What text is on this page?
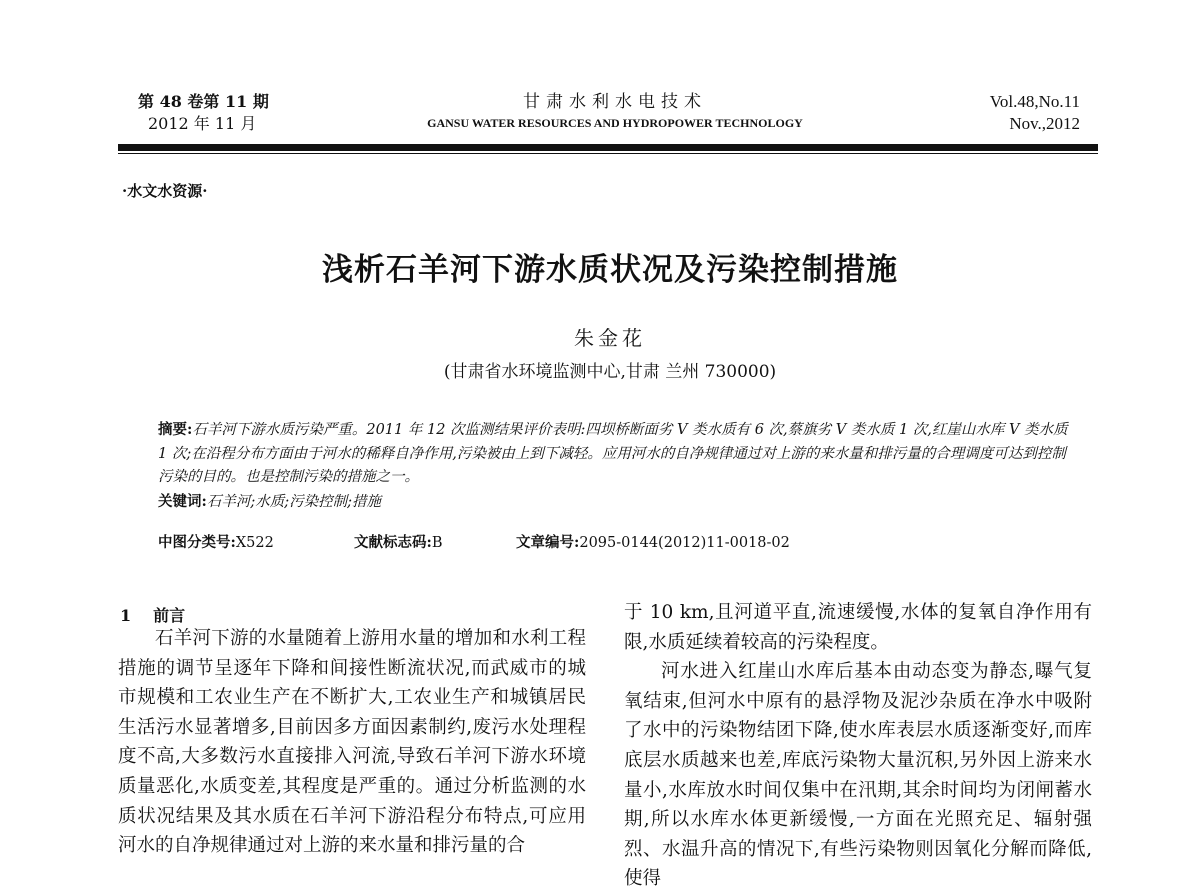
第 48 卷第 11 期
2012 年 11 月
甘肃水利水电技术
GANSU WATER RESOURCES AND HYDROPOWER TECHNOLOGY
Vol.48,No.11
Nov.,2012
·水文水资源·
浅析石羊河下游水质状况及污染控制措施
朱金花
(甘肃省水环境监测中心,甘肃 兰州 730000)
摘要:石羊河下游水质污染严重。2011 年 12 次监测结果评价表明:四坝桥断面劣 V 类水质有 6 次,蔡旗劣 V 类水质 1 次,红崖山水库 V 类水质 1 次;在沿程分布方面由于河水的稀释自净作用,污染被由上到下减轻。应用河水的自净规律通过对上游的来水量和排污量的合理调度可达到控制污染的目的。也是控制污染的措施之一。
关键词:石羊河;水质;污染控制;措施
中图分类号:X522	文献标志码:B	文章编号:2095-0144(2012)11-0018-02
1 前言

石羊河下游的水量随着上游用水量的增加和水利工程措施的调节呈逐年下降和间接性断流状况,而武威市的城市规模和工农业生产在不断扩大,工农业生产和城镇居民生活污水显著增多,目前因多方面因素制约,废污水处理程度不高,大多数污水直接排入河流,导致石羊河下游水环境质量恶化,水质变差,其程度是严重的。通过分析监测的水质状况结果及其水质在石羊河下游沿程分布特点,可应用河水的自净规律通过对上游的来水量和排污量的合

于 10 km,且河道平直,流速缓慢,水体的复氧自净作用有限,水质延续着较高的污染程度。

河水进入红崖山水库后基本由动态变为静态,曝气复氧结束,但河水中原有的悬浮物及泥沙杂质在净水中吸附了水中的污染物结团下降,使水库表层水质逐渐变好,而库底层水质越来也差,库底污染物大量沉积,另外因上游来水量小,水库放水时间仅集中在汛期,其余时间均为闭闸蓄水期,所以水库水体更新缓慢,一方面在光照充足、辐射强烈、水温升高的情况下,有些污染物则因氧化分解而降低,使得
